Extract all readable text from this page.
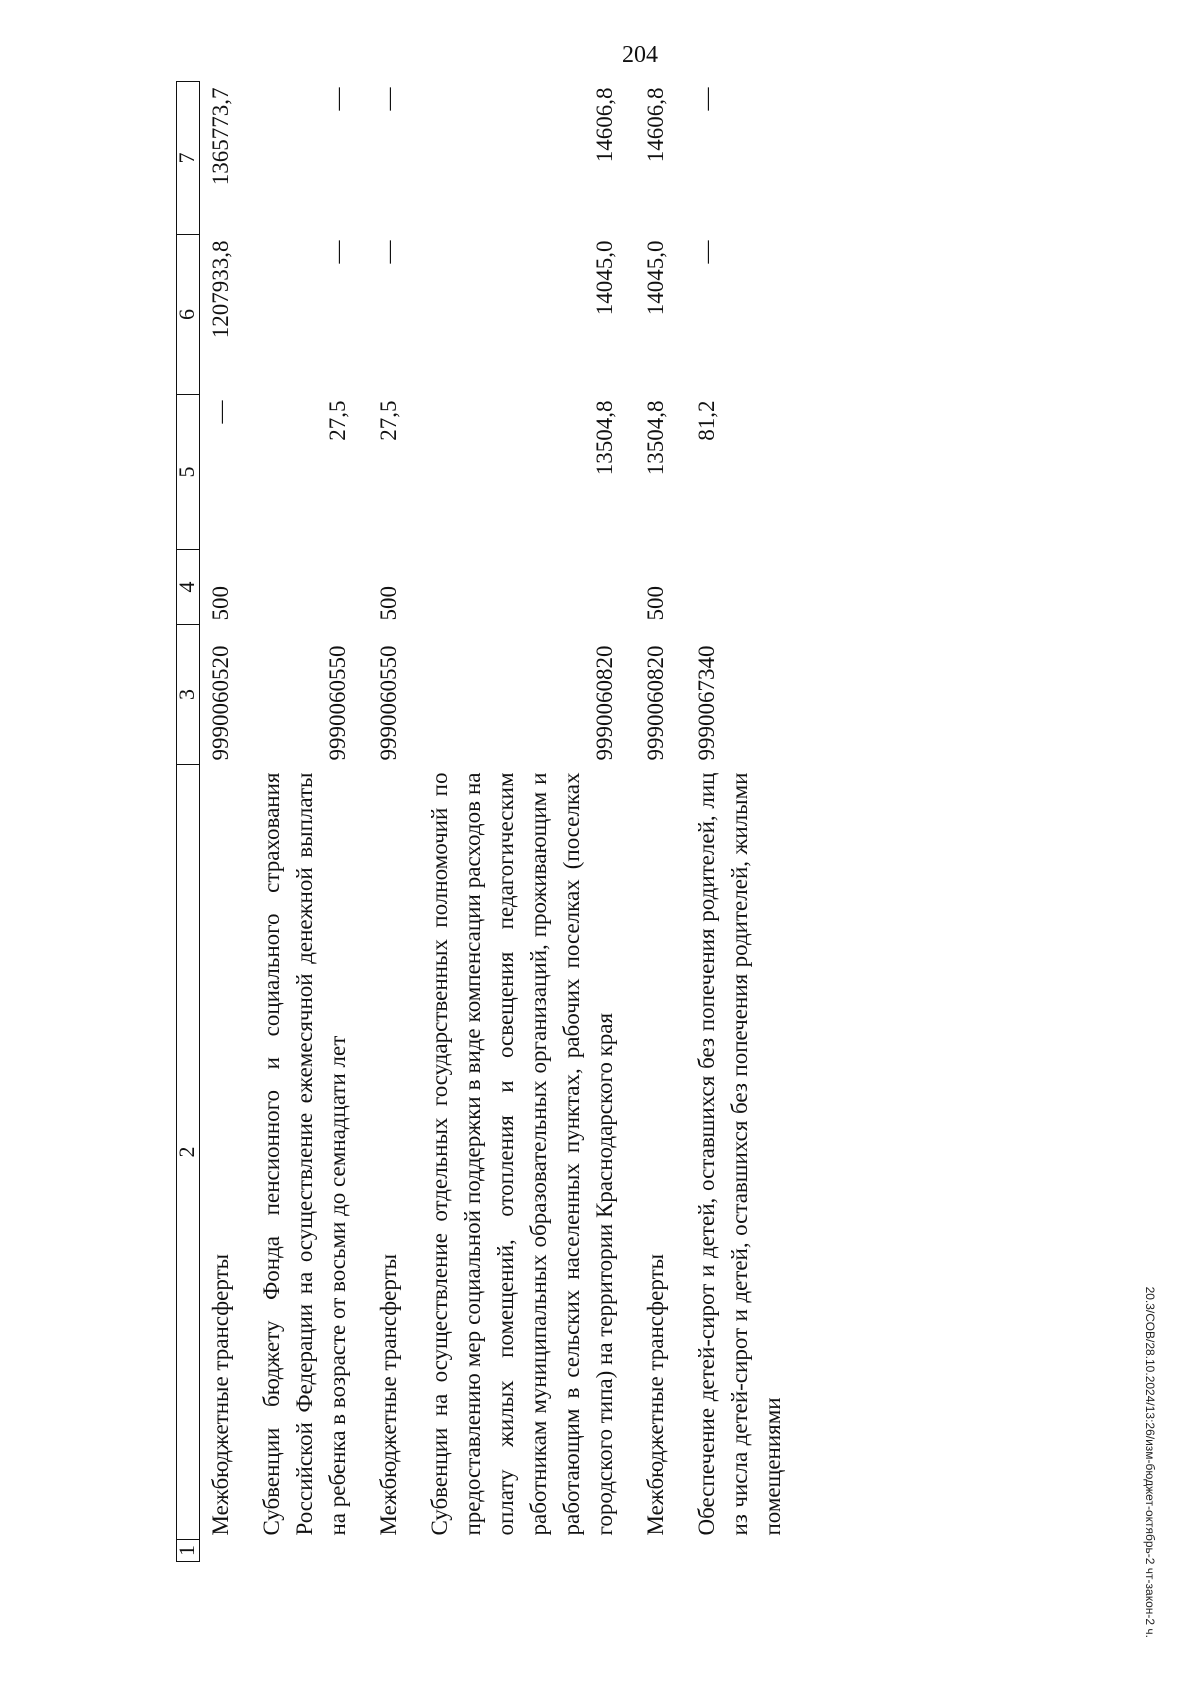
204
20.3/СОВ/28.10.2024/13:26/изм-бюджет-октябрь-2 чт-закон-2 ч.
1	2	3	4	5	6	7
	Межбюджетные трансферты	9990060520	500	—	1207933,8	1365773,7
	Субвенции бюджету Фонда пенсионного и социального страхования Российской Федерации на осуществление ежемесячной денежной выплаты на ребенка в возрасте от восьми до семнадцати лет	9990060550		27,5	—	—
	Межбюджетные трансферты	9990060550	500	27,5	—	—
	Субвенции на осуществление отдельных государственных полномочий по предоставлению мер социальной поддержки в виде компенсации расходов на оплату жилых помещений, отопления и освещения педагогическим работникам муниципальных образовательных организаций, проживающим и работающим в сельских населенных пунктах, рабочих поселках (поселках городского типа) на территории Краснодарского края	9990060820		13504,8	14045,0	14606,8
	Межбюджетные трансферты	9990060820	500	13504,8	14045,0	14606,8
	Обеспечение детей-сирот и детей, оставшихся без попечения родителей, лиц из числа детей-сирот и детей, оставшихся без попечения родителей, жилыми помещениями	9990067340		81,2	—	—
